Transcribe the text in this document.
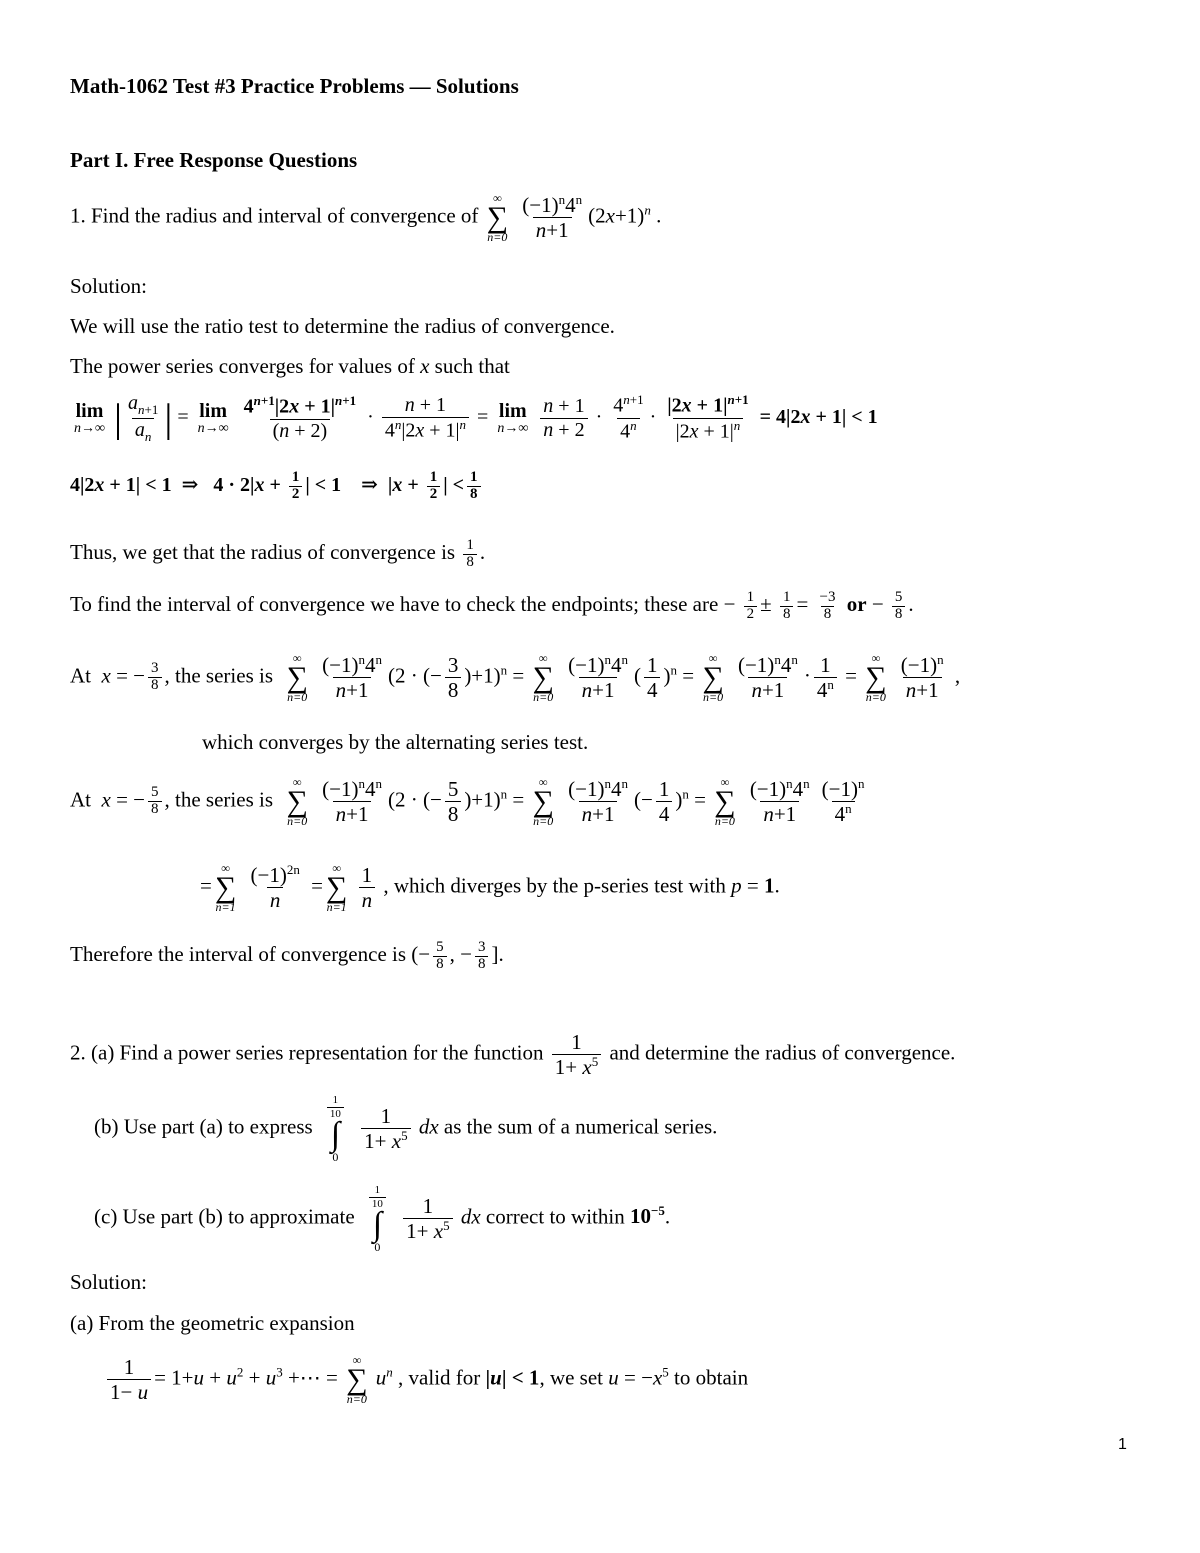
Math-1062 Test #3 Practice Problems — Solutions
Part I. Free Response Questions
1. Find the radius and interval of convergence of
∞
∑
n=0
$\frac{(-1)^n4^n}{n+1} (2x+1)^n$ .
Solution:
We will use the ratio test to determine the radius of convergence.
The power series converges for values of x such that
lim
n→∞ | $\frac{a_{n+1}}{a_n}$ | = lim
n→∞
$\frac{4^{n+1}|2x + 1|^{n+1}}{(n + 2)} \cdot \frac{n + 1}{4^n|2x + 1|^n} = \lim$
n→∞
$\frac{n + 1}{n + 2} \cdot \frac{4^{n+1}}{4^n} \cdot \frac{|2x + 1|^{n+1}}{|2x + 1|^n} = 4|2x + 1| < 1$
4|2x + 1| < 1  ⇒   $4 \cdot 2|x + \frac{1}{2}$ | < 1    ⇒  $|x + \frac{1}{2}$ | < $\frac{1}{8}$
Thus, we get that the radius of convergence is $\frac{1}{8}$ .
To find the interval of convergence we have to check the endpoints; these are − $\frac{1}{2} \pm \frac{1}{8} = \frac{-3}{8}$ or − $\frac{5}{8}$ .
At x = − $\frac{3}{8}$ , the series is
∞
∑
n=0
$\frac{(-1)^n4^n}{n+1} (2$ · (− $\frac{3}{8} )+1)^n$ =
∞
∑
n=0
$\frac{(-1)^n4^n}{n+1}$ ( $\frac{1}{4} )^n$ =
∞
∑
n=0
$\frac{(-1)^n4^n}{n+1} \cdot \frac{1}{4^n}$ =
∞
∑
n=0
$\frac{(-1)^n}{n+1}$ ,
which converges by the alternating series test.
At x = − $\frac{5}{8}$ , the series is
∞
∑
n=0
$\frac{(-1)^n4^n}{n+1} (2$ · (− $\frac{5}{8} )+1)^n$ =
∞
∑
n=0
$\frac{(-1)^n4^n}{n+1}$ (− $\frac{1}{4} )^n$ =
∞
∑
n=0
$\frac{(-1)^n4^n}{n+1} \frac{(-1)^n}{4^n}$
=
∞
∑
n=1
$\frac{(-1)^{2n}}{n}$ =
∞
∑
n=1
$\frac{1}{n}$ , which diverges by the p-series test with p = 1.
Therefore the interval of convergence is (− $\frac{5}{8}$ , − $\frac{3}{8}$ ].
2. (a) Find a power series representation for the function $\frac{1}{1+ x^5}$ and determine the radius of convergence.
(b) Use part (a) to express
$\frac{1}{10}$
∫
0

$\frac{1}{1+ x^5}$ dx as the sum of a numerical series.
(c) Use part (b) to approximate
$\frac{1}{10}$
∫
0

$\frac{1}{1+ x^5}$ dx correct to within $10^{-5}$.
Solution:
(a) From the geometric expansion
$\frac{1}{1- u} = 1+u + u^2 + u^3$ +⋯ =
∞
∑
n=0
$u^n$ , valid for |u| < 1, we set $u = -x^5$ to obtain
1
